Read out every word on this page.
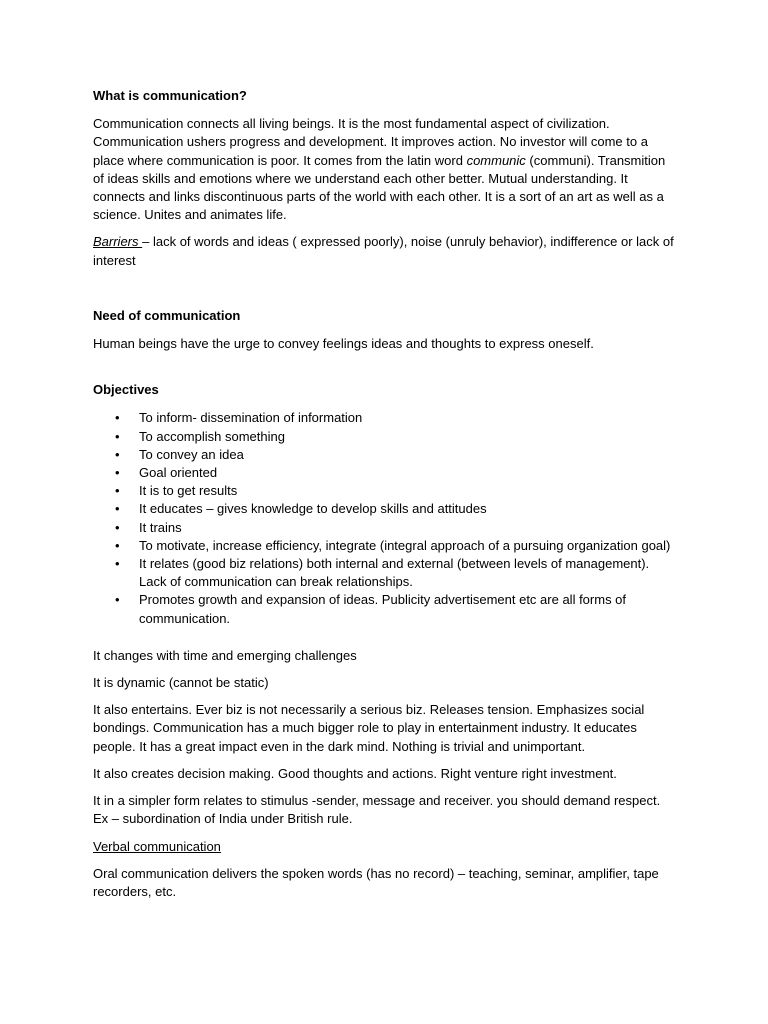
What is communication?

Communication connects all living beings. It is the most fundamental aspect of civilization. Communication ushers progress and development. It improves action. No investor will come to a place where communication is poor. It comes from the latin word communic (communi). Transmition of ideas skills and emotions where we understand each other better. Mutual understanding. It connects and links discontinuous parts of the world with each other. It is a sort of an art as well as a science. Unites and animates life.

Barriers – lack of words and ideas ( expressed poorly), noise (unruly behavior), indifference or lack of interest

Need of communication

Human beings have the urge to convey feelings ideas and thoughts to express oneself.

Objectives
• To inform- dissemination of information
• To accomplish something
• To convey an idea
• Goal oriented
• It is to get results
• It educates – gives knowledge to develop skills and attitudes
• It trains
• To motivate, increase efficiency, integrate (integral approach of a pursuing organization goal)
• It relates (good biz relations) both internal and external (between levels of management). Lack of communication can break relationships.
• Promotes growth and expansion of ideas. Publicity advertisement etc are all forms of communication.

It changes with time and emerging challenges

It is dynamic (cannot be static)

It also entertains. Ever biz is not necessarily a serious biz. Releases tension. Emphasizes social bondings. Communication has a much bigger role to play in entertainment industry. It educates people. It has a great impact even in the dark mind. Nothing is trivial and unimportant.

It also creates decision making. Good thoughts and actions. Right venture right investment.

It in a simpler form relates to stimulus -sender, message and receiver. you should demand respect. Ex – subordination of India under British rule.

Verbal communication

Oral communication delivers the spoken words (has no record) – teaching, seminar, amplifier, tape recorders, etc.
